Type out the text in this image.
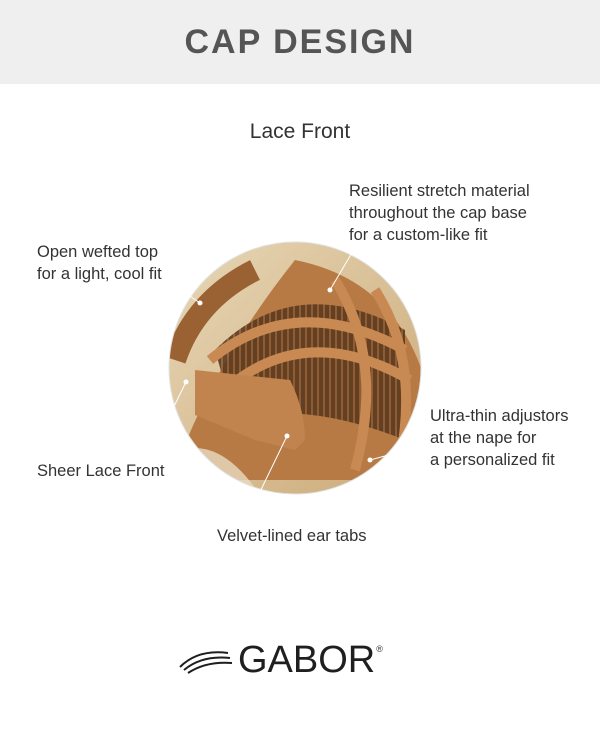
CAP DESIGN
Lace Front
Resilient stretch material
throughout the cap base
for a custom-like fit
Open wefted top
for a light, cool fit
Ultra-thin adjustors
at the nape for
a personalized fit
Sheer Lace Front
Velvet-lined ear tabs
GABOR ®
